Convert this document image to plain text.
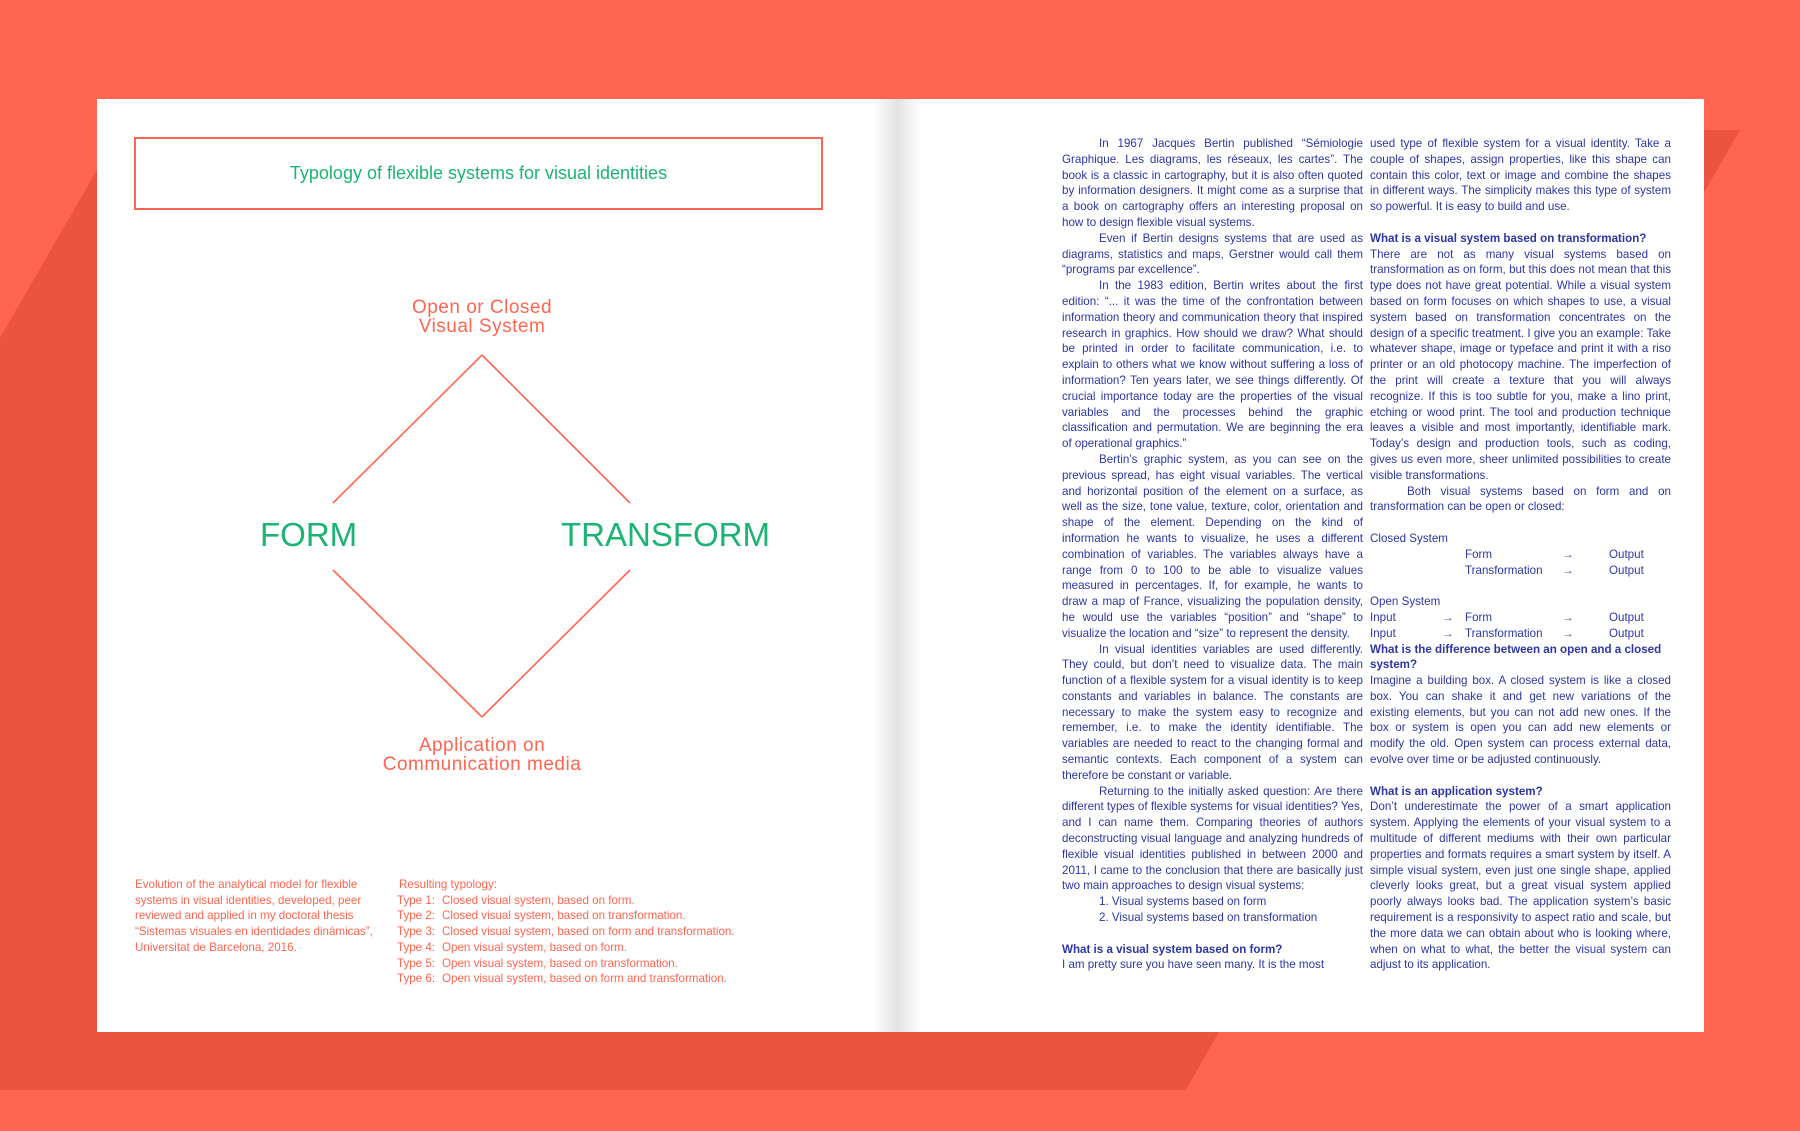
Typology of flexible systems for visual identities
Open or Closed
Visual System
FORM	TRANSFORM
Application on
Communication media
Evolution of the analytical model for flexible
systems in visual identities, developed, peer
reviewed and applied in my doctoral thesis
“Sistemas visuales en identidades dinámicas”,
Universitat de Barcelona, 2016.
Resulting typology:
Type 1: Closed visual system, based on form.
Type 2: Closed visual system, based on transformation.
Type 3: Closed visual system, based on form and transformation.
Type 4: Open visual system, based on form.
Type 5: Open visual system, based on transformation.
Type 6: Open visual system, based on form and transformation.

In 1967 Jacques Bertin published “Sémiologie Graphique. Les diagrams, les réseaux, les cartes”. The book is a classic in cartography, but it is also often quoted by information designers. It might come as a surprise that a book on cartography offers an interesting proposal on how to design flexible visual systems.

Even if Bertin designs systems that are used as diagrams, statistics and maps, Gerstner would call them “programs par excellence”.

In the 1983 edition, Bertin writes about the first edition: “... it was the time of the confrontation between information theory and communication theory that inspired research in graphics. How should we draw? What should be printed in order to facilitate communication, i.e. to explain to others what we know without suffering a loss of information? Ten years later, we see things differently. Of crucial importance today are the properties of the visual variables and the processes behind the graphic classification and permutation. We are beginning the era of operational graphics.”

Bertin’s graphic system, as you can see on the previous spread, has eight visual variables. The vertical and horizontal position of the element on a surface, as well as the size, tone value, texture, color, orientation and shape of the element. Depending on the kind of information he wants to visualize, he uses a different combination of variables. The variables always have a range from 0 to 100 to be able to visualize values measured in percentages. If, for example, he wants to draw a map of France, visualizing the population density, he would use the variables “position” and “shape” to visualize the location and “size” to represent the density.

In visual identities variables are used differently. They could, but don’t need to visualize data. The main function of a flexible system for a visual identity is to keep constants and variables in balance. The constants are necessary to make the system easy to recognize and remember, i.e. to make the identity identifiable. The variables are needed to react to the changing formal and semantic contexts. Each component of a system can therefore be constant or variable.

Returning to the initially asked question: Are there different types of flexible systems for visual identities? Yes, and I can name them. Comparing theories of authors deconstructing visual language and analyzing hundreds of flexible visual identities published in between 2000 and 2011, I came to the conclusion that there are basically just two main approaches to design visual systems:

1. Visual systems based on form
2. Visual systems based on transformation
What is a visual system based on form?

I am pretty sure you have seen many. It is the most

used type of flexible system for a visual identity. Take a couple of shapes, assign properties, like this shape can contain this color, text or image and combine the shapes in different ways. The simplicity makes this type of system so powerful. It is easy to build and use.

What is a visual system based on transformation?

There are not as many visual systems based on transformation as on form, but this does not mean that this type does not have great potential. While a visual system based on form focuses on which shapes to use, a visual system based on transformation concentrates on the design of a specific treatment. I give you an example: Take whatever shape, image or typeface and print it with a riso printer or an old photocopy machine. The imperfection of the print will create a texture that you will always recognize. If this is too subtle for you, make a lino print, etching or wood print. The tool and production technique leaves a visible and most importantly, identifiable mark. Today’s design and production tools, such as coding, gives us even more, sheer unlimited possibilities to create visible transformations.

Both visual systems based on form and on transformation can be open or closed:

Closed System
Form	→	Output
Transformation	→	Output
Open System
Input	→ Form	→	Output
Input	→ Transformation	→	Output
What is the difference between an open and a closed system?

Imagine a building box. A closed system is like a closed box. You can shake it and get new variations of the existing elements, but you can not add new ones. If the box or system is open you can add new elements or modify the old. Open system can process external data, evolve over time or be adjusted continuously.

What is an application system?

Don’t underestimate the power of a smart application system. Applying the elements of your visual system to a multitude of different mediums with their own particular properties and formats requires a smart system by itself. A simple visual system, even just one single shape, applied cleverly looks great, but a great visual system applied poorly always looks bad. The application system’s basic requirement is a responsivity to aspect ratio and scale, but the more data we can obtain about who is looking where, when on what to what, the better the visual system can adjust to its application.
